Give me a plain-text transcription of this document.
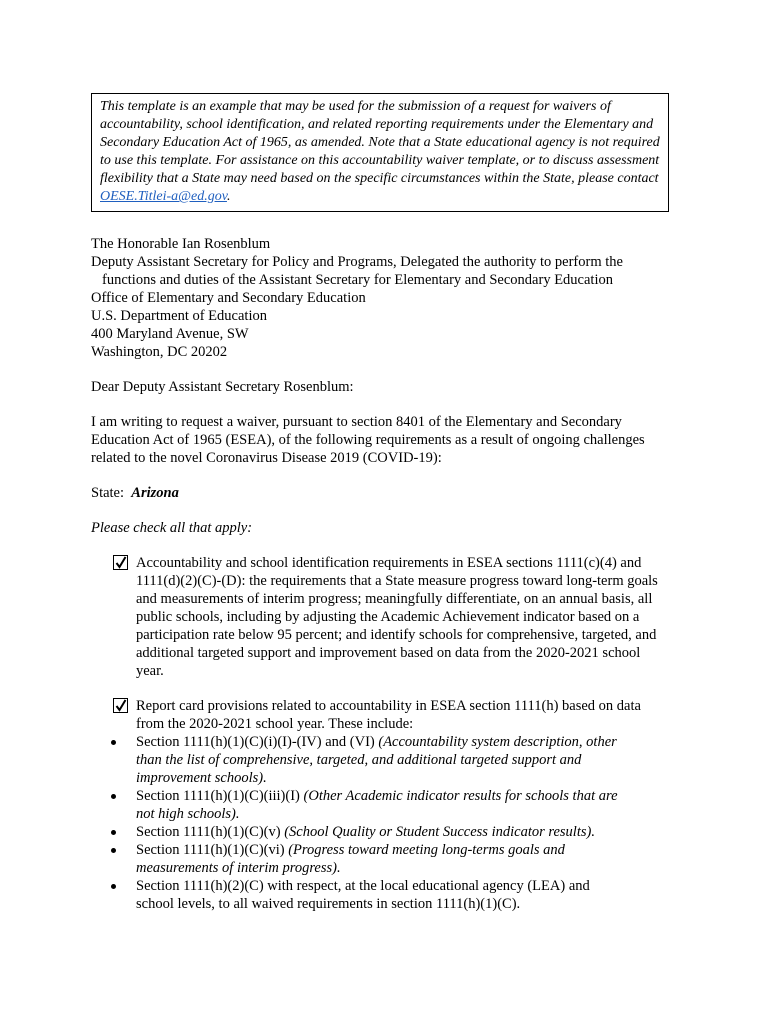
This template is an example that may be used for the submission of a request for waivers of accountability, school identification, and related reporting requirements under the Elementary and Secondary Education Act of 1965, as amended. Note that a State educational agency is not required to use this template. For assistance on this accountability waiver template, or to discuss assessment flexibility that a State may need based on the specific circumstances within the State, please contact OESE.Titlei-a@ed.gov.

The Honorable Ian Rosenblum

Deputy Assistant Secretary for Policy and Programs, Delegated the authority to perform the

functions and duties of the Assistant Secretary for Elementary and Secondary Education

Office of Elementary and Secondary Education

U.S. Department of Education

400 Maryland Avenue, SW

Washington, DC 20202

Dear Deputy Assistant Secretary Rosenblum:

I am writing to request a waiver, pursuant to section 8401 of the Elementary and Secondary Education Act of 1965 (ESEA), of the following requirements as a result of ongoing challenges related to the novel Coronavirus Disease 2019 (COVID-19):

State: Arizona

Please check all that apply:

Accountability and school identification requirements in ESEA sections 1111(c)(4) and 1111(d)(2)(C)-(D): the requirements that a State measure progress toward long-term goals and measurements of interim progress; meaningfully differentiate, on an annual basis, all public schools, including by adjusting the Academic Achievement indicator based on a participation rate below 95 percent; and identify schools for comprehensive, targeted, and additional targeted support and improvement based on data from the 2020-2021 school year.
Report card provisions related to accountability in ESEA section 1111(h) based on data from the 2020-2021 school year. These include:
Section 1111(h)(1)(C)(i)(I)-(IV) and (VI) (Accountability system description, other than the list of comprehensive, targeted, and additional targeted support and improvement schools).
Section 1111(h)(1)(C)(iii)(I) (Other Academic indicator results for schools that are not high schools).
Section 1111(h)(1)(C)(v) (School Quality or Student Success indicator results).
Section 1111(h)(1)(C)(vi) (Progress toward meeting long-terms goals and measurements of interim progress).
Section 1111(h)(2)(C) with respect, at the local educational agency (LEA) and school levels, to all waived requirements in section 1111(h)(1)(C).
